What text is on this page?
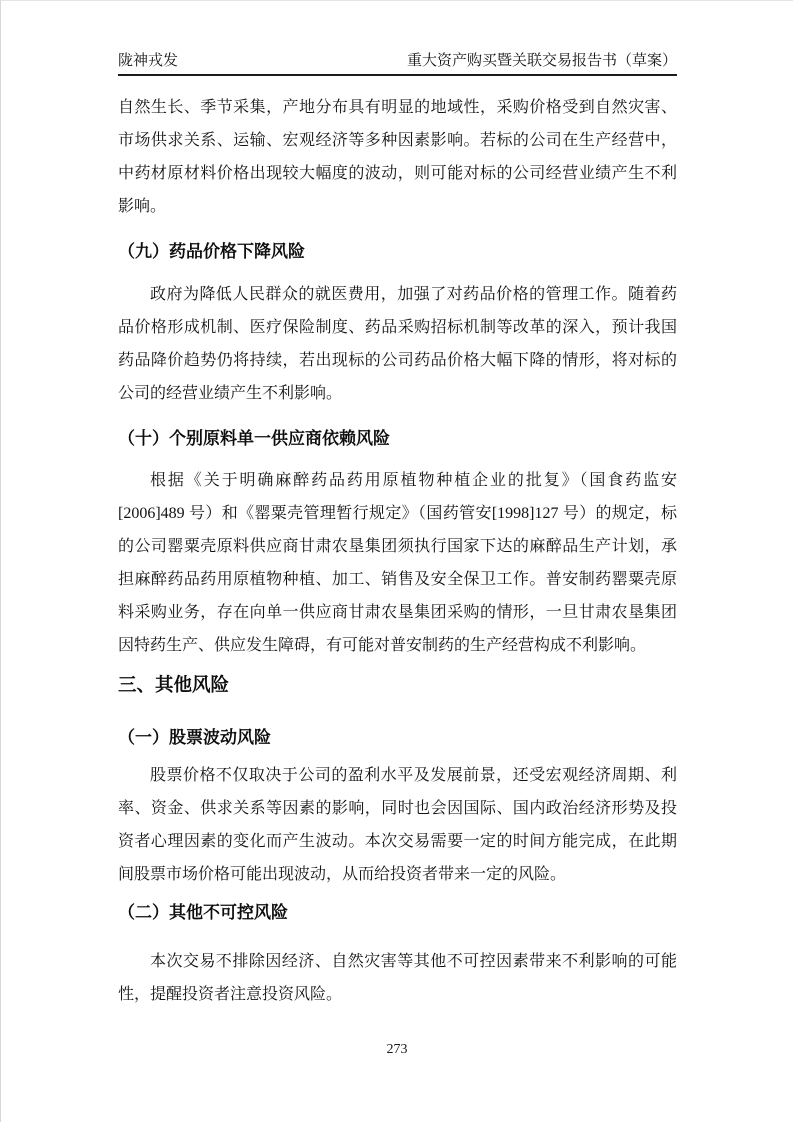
陇神戎发	重大资产购买暨关联交易报告书（草案）

自然生长、季节采集，产地分布具有明显的地域性，采购价格受到自然灾害、市场供求关系、运输、宏观经济等多种因素影响。若标的公司在生产经营中，中药材原材料价格出现较大幅度的波动，则可能对标的公司经营业绩产生不利影响。

（九）药品价格下降风险

政府为降低人民群众的就医费用，加强了对药品价格的管理工作。随着药品价格形成机制、医疗保险制度、药品采购招标机制等改革的深入，预计我国药品降价趋势仍将持续，若出现标的公司药品价格大幅下降的情形，将对标的公司的经营业绩产生不利影响。

（十）个别原料单一供应商依赖风险

根据《关于明确麻醉药品药用原植物种植企业的批复》（国食药监安[2006]489 号）和《罂粟壳管理暂行规定》（国药管安[1998]127 号）的规定，标的公司罂粟壳原料供应商甘肃农垦集团须执行国家下达的麻醉品生产计划，承担麻醉药品药用原植物种植、加工、销售及安全保卫工作。普安制药罂粟壳原料采购业务，存在向单一供应商甘肃农垦集团采购的情形，一旦甘肃农垦集团因特药生产、供应发生障碍，有可能对普安制药的生产经营构成不利影响。

三、其他风险
（一）股票波动风险

股票价格不仅取决于公司的盈利水平及发展前景，还受宏观经济周期、利率、资金、供求关系等因素的影响，同时也会因国际、国内政治经济形势及投资者心理因素的变化而产生波动。本次交易需要一定的时间方能完成，在此期间股票市场价格可能出现波动，从而给投资者带来一定的风险。

（二）其他不可控风险

本次交易不排除因经济、自然灾害等其他不可控因素带来不利影响的可能性，提醒投资者注意投资风险。

273
